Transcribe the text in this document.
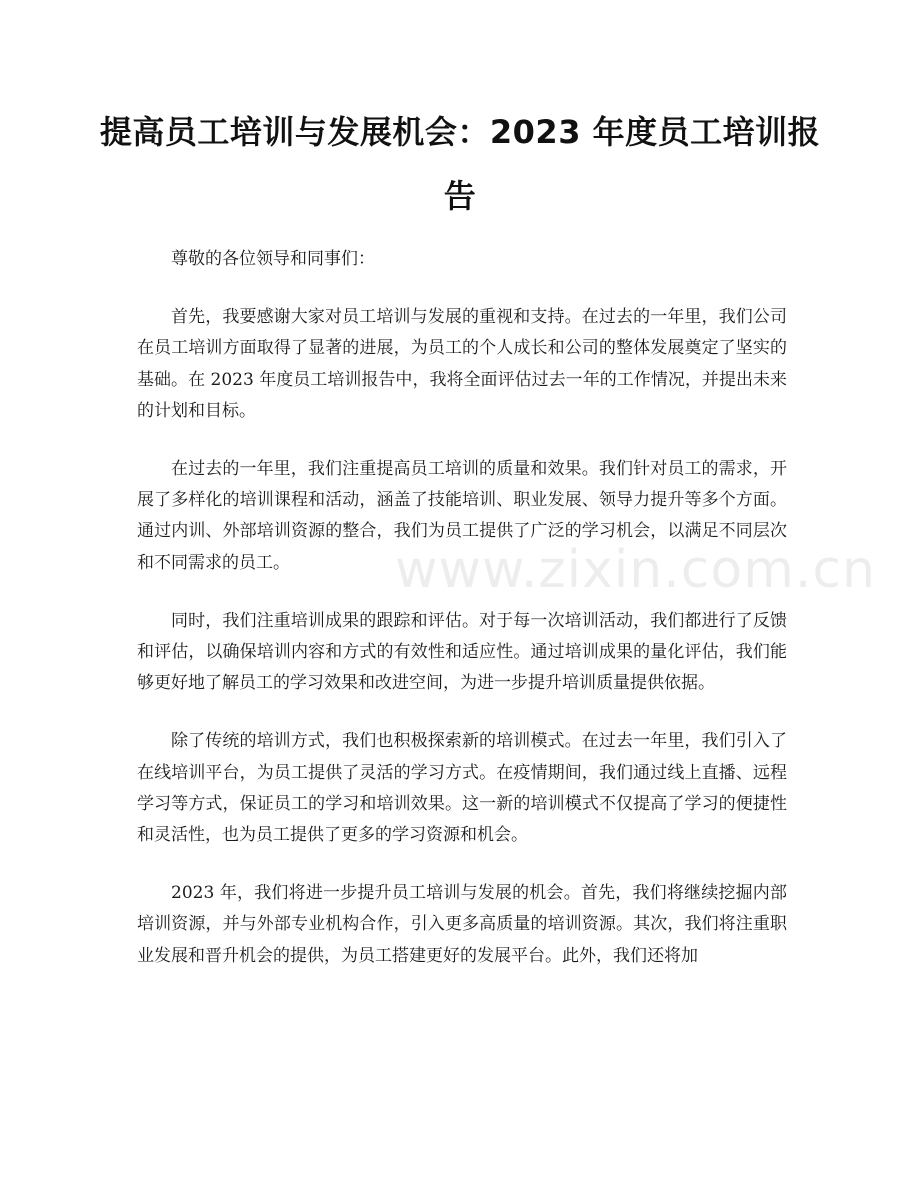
提高员工培训与发展机会：2023 年度员工培训报告

尊敬的各位领导和同事们：

首先，我要感谢大家对员工培训与发展的重视和支持。在过去的一年里，我们公司在员工培训方面取得了显著的进展，为员工的个人成长和公司的整体发展奠定了坚实的基础。在 2023 年度员工培训报告中，我将全面评估过去一年的工作情况，并提出未来的计划和目标。

在过去的一年里，我们注重提高员工培训的质量和效果。我们针对员工的需求，开展了多样化的培训课程和活动，涵盖了技能培训、职业发展、领导力提升等多个方面。通过内训、外部培训资源的整合，我们为员工提供了广泛的学习机会，以满足不同层次和不同需求的员工。

同时，我们注重培训成果的跟踪和评估。对于每一次培训活动，我们都进行了反馈和评估，以确保培训内容和方式的有效性和适应性。通过培训成果的量化评估，我们能够更好地了解员工的学习效果和改进空间，为进一步提升培训质量提供依据。

除了传统的培训方式，我们也积极探索新的培训模式。在过去一年里，我们引入了在线培训平台，为员工提供了灵活的学习方式。在疫情期间，我们通过线上直播、远程学习等方式，保证员工的学习和培训效果。这一新的培训模式不仅提高了学习的便捷性和灵活性，也为员工提供了更多的学习资源和机会。

2023 年，我们将进一步提升员工培训与发展的机会。首先，我们将继续挖掘内部培训资源，并与外部专业机构合作，引入更多高质量的培训资源。其次，我们将注重职业发展和晋升机会的提供，为员工搭建更好的发展平台。此外，我们还将加

www.zixin.com.cn
